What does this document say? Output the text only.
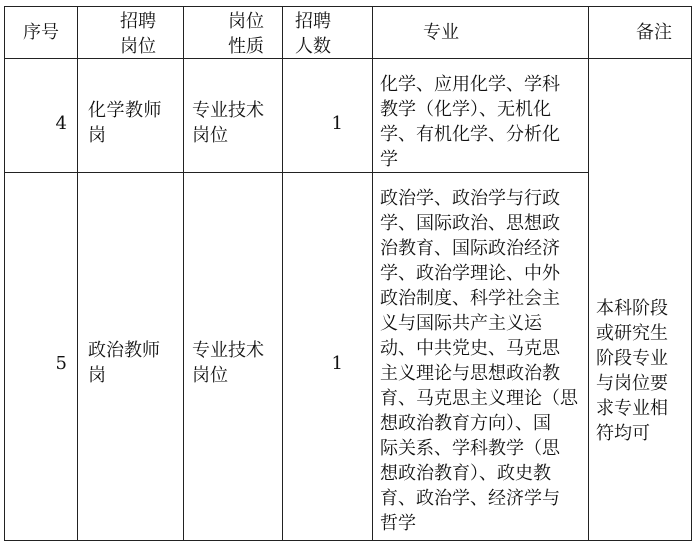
序号
招聘
岗位
岗位
性质
招聘
人数
专业	备注
4
化学教师
岗
专业技术
岗位
1
化学、应用化学、学科
教学（化学）、无机化
学、有机化学、分析化
学
5
政治教师
岗
专业技术
岗位
1
政治学、政治学与行政
学、国际政治、思想政
治教育、国际政治经济
学、政治学理论、中外
政治制度、科学社会主
义与国际共产主义运
动、中共党史、马克思
主义理论与思想政治教
育、马克思主义理论（思
想政治教育方向）、国
际关系、学科教学（思
想政治教育）、政史教
育、政治学、经济学与
哲学
本科阶段
或研究生
阶段专业
与岗位要
求专业相
符均可
